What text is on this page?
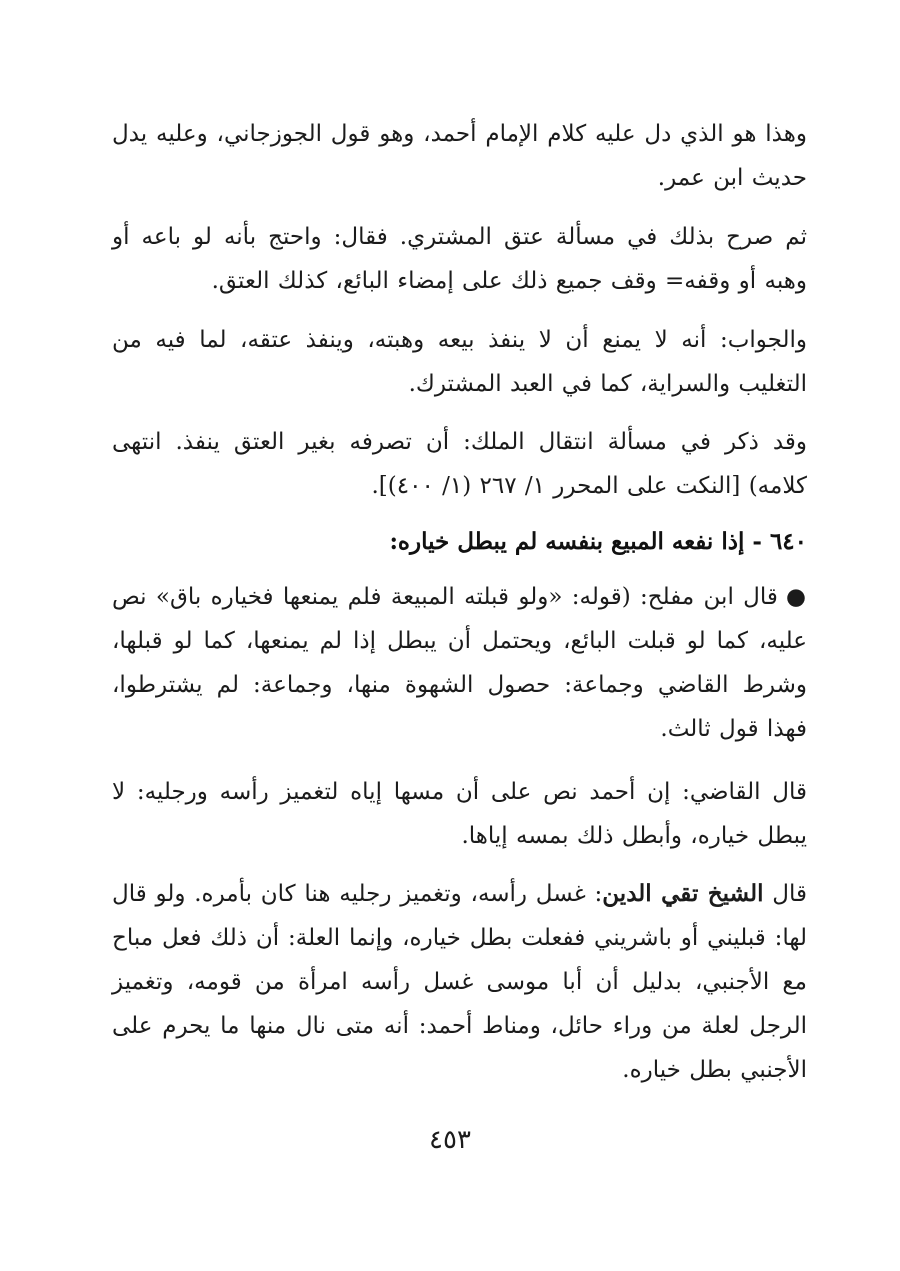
وهذا هو الذي دل عليه كلام الإمام أحمد، وهو قول الجوزجاني، وعليه يدل حديث ابن عمر.

ثم صرح بذلك في مسألة عتق المشتري. فقال: واحتج بأنه لو باعه أو وهبه أو وقفه= وقف جميع ذلك على إمضاء البائع، كذلك العتق.

والجواب: أنه لا يمنع أن لا ينفذ بيعه وهبته، وينفذ عتقه، لما فيه من التغليب والسراية، كما في العبد المشترك.

وقد ذكر في مسألة انتقال الملك: أن تصرفه بغير العتق ينفذ. انتهى كلامه) [النكت على المحرر ١/ ٢٦٧ (١/ ٤٠٠)].

٦٤٠ - إذا نفعه المبيع بنفسه لم يبطل خياره:

●قال ابن مفلح: (قوله: «ولو قبلته المبيعة فلم يمنعها فخياره باق» نص عليه، كما لو قبلت البائع، ويحتمل أن يبطل إذا لم يمنعها، كما لو قبلها، وشرط القاضي وجماعة: حصول الشهوة منها، وجماعة: لم يشترطوا، فهذا قول ثالث.

قال القاضي: إن أحمد نص على أن مسها إياه لتغميز رأسه ورجليه: لا يبطل خياره، وأبطل ذلك بمسه إياها.

قال الشيخ تقي الدين: غسل رأسه، وتغميز رجليه هنا كان بأمره. ولو قال لها: قبليني أو باشريني ففعلت بطل خياره، وإنما العلة: أن ذلك فعل مباح مع الأجنبي، بدليل أن أبا موسى غسل رأسه امرأة من قومه، وتغميز الرجل لعلة من وراء حائل، ومناط أحمد: أنه متى نال منها ما يحرم على الأجنبي بطل خياره.

٤٥٣
